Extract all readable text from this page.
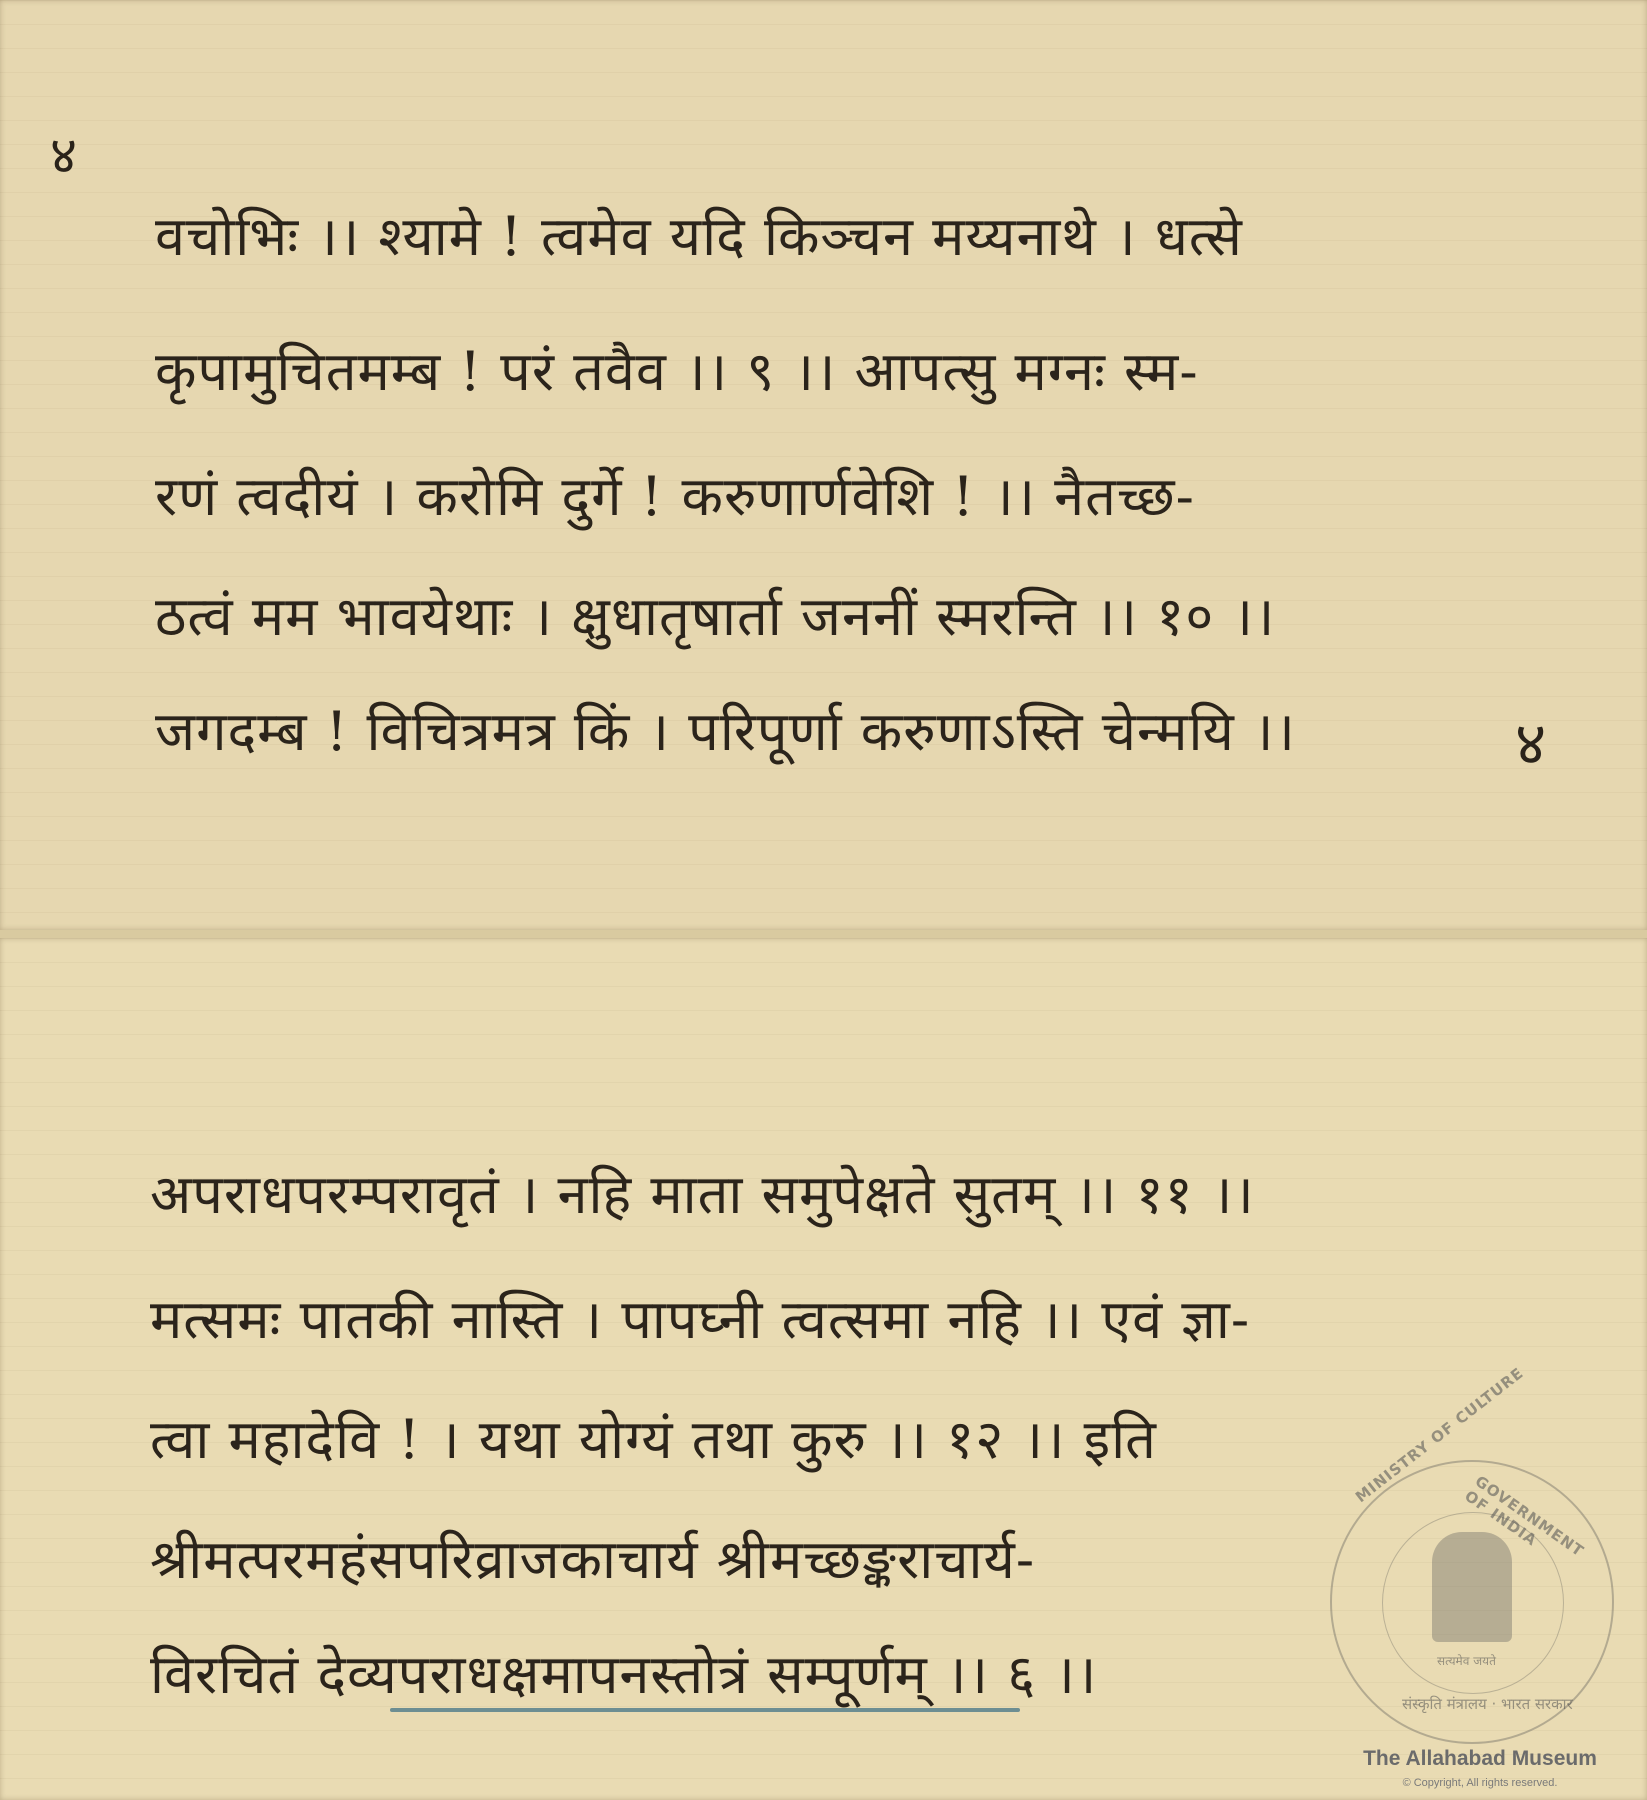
४
वचोभिः ।। श्यामे ! त्वमेव यदि किञ्चन मय्यनाथे । धत्से
कृपामुचितमम्ब ! परं तवैव ।। ९ ।। आपत्सु मग्नः स्म-
रणं त्वदीयं । करोमि दुर्गे ! करुणार्णवेशि ! ।। नैतच्छ-
ठत्वं मम भावयेथाः । क्षुधातृषार्ता जननीं स्मरन्ति ।। १० ।।
जगदम्ब ! विचित्रमत्र किं । परिपूर्णा करुणाऽस्ति चेन्मयि ।।	४
अपराधपरम्परावृतं । नहि माता समुपेक्षते सुतम् ।। ११ ।।
मत्समः पातकी नास्ति । पापघ्नी त्वत्समा नहि ।। एवं ज्ञा-
त्वा महादेवि ! । यथा योग्यं तथा कुरु ।। १२ ।। इति
श्रीमत्परमहंसपरिव्राजकाचार्य श्रीमच्छङ्कराचार्य-
विरचितं देव्यपराधक्षमापनस्तोत्रं सम्पूर्णम् ।। ६ ।।
MINISTRY OF CULTURE
GOVERNMENT OF INDIA
सत्यमेव जयते
संस्कृति मंत्रालय · भारत सरकार
The Allahabad Museum
© Copyright, All rights reserved.
